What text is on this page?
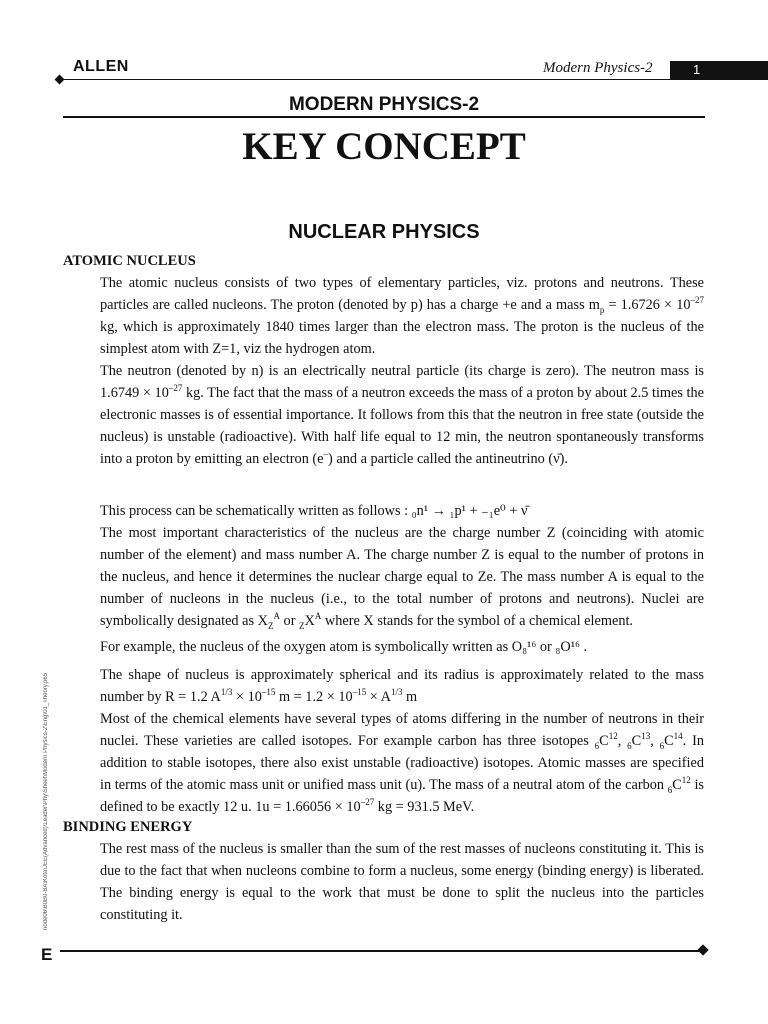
ALLEN	Modern Physics-2	1
MODERN PHYSICS-2
KEY CONCEPT
NUCLEAR PHYSICS
ATOMIC NUCLEUS
The atomic nucleus consists of two types of elementary particles, viz. protons and neutrons. These particles are called nucleons. The proton (denoted by p) has a charge +e and a mass $m_p = 1.6726 \times 10^{-27}$ kg, which is approximately 1840 times larger than the electron mass. The proton is the nucleus of the simplest atom with Z=1, viz the hydrogen atom.
The neutron (denoted by n) is an electrically neutral particle (its charge is zero). The neutron mass is $1.6749 \times 10^{-27}$ kg. The fact that the mass of a neutron exceeds the mass of a proton by about 2.5 times the electronic masses is of essential importance. It follows from this that the neutron in free state (outside the nucleus) is unstable (radioactive). With half life equal to 12 min, the neutron spontaneously transforms into a proton by emitting an electron (e–) and a particle called the antineutrino (ν̄).
This process can be schematically written as follows : ₀n¹ → ₁p¹ + ₋₁e⁰ + ν̄
The most important characteristics of the nucleus are the charge number Z (coinciding with atomic number of the element) and mass number A. The charge number Z is equal to the number of protons in the nucleus, and hence it determines the nuclear charge equal to Ze. The mass number A is equal to the number of nucleons in the nucleus (i.e., to the total number of protons and neutrons). Nuclei are symbolically designated as $X_Z^A$ or $_ZX^A$ where X stands for the symbol of a chemical element.
For example, the nucleus of the oxygen atom is symbolically written as O₈¹⁶ or ₈O¹⁶ .
The shape of nucleus is approximately spherical and its radius is approximately related to the mass number by R = 1.2 $A^{1/3} \times 10^{-15}$ $m = 1.2 \times 10^{-15} \times A^{1/3}$ m
Most of the chemical elements have several types of atoms differing in the number of neutrons in their nuclei. These varieties are called isotopes. For example carbon has three isotopes $_6C^{12}$, $_6C^{13}$, $_6C^{14}$. In addition to stable isotopes, there also exist unstable (radioactive) isotopes. Atomic masses are specified in terms of the atomic mass unit or unified mass unit (u). The mass of a neutral atom of the carbon $_6C^{12}$ is defined to be exactly 12 u. $1u = 1.66056 \times 10^{-27}$ kg = 931.5 MeV.
BINDING ENERGY
The rest mass of the nucleus is smaller than the sum of the rest masses of nucleons constituting it. This is due to the fact that when nucleons combine to form a nucleus, some energy (binding energy) is liberated. The binding energy is equal to the work that must be done to split the nucleus into the particles constituting it.
node06\B0B0-BA\Kota\JEE(Advanced)\Leader\Phy\Sheet\Modern Physics-2\Eng\01_Theory.p65
E
